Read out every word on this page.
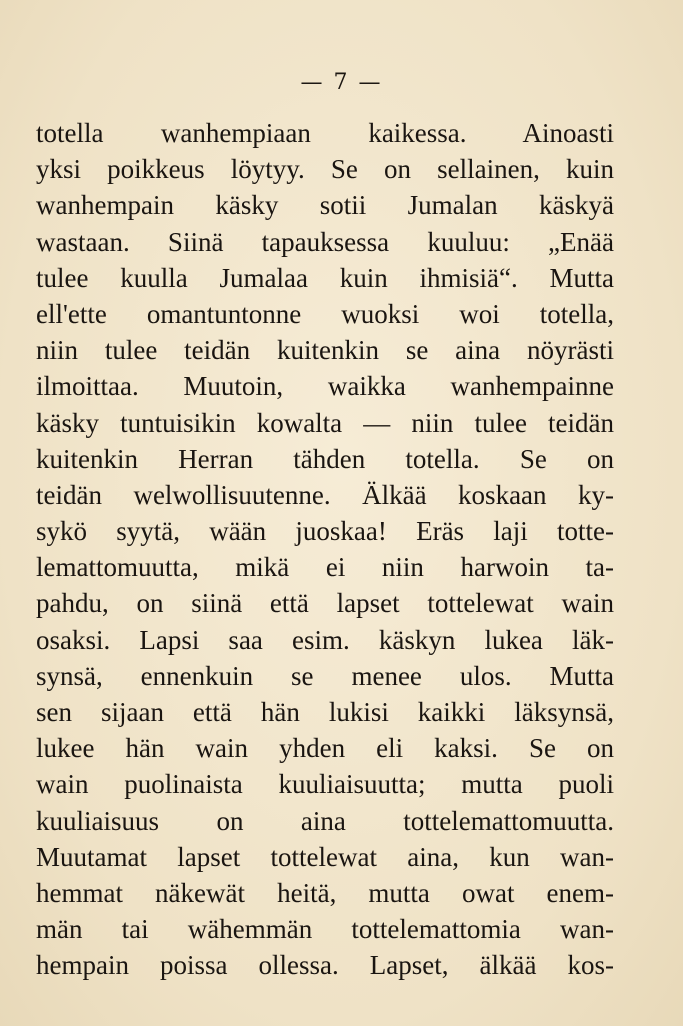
— 7 —
totella wanhempiaan kaikessa. Ainoasti
yksi poikkeus löytyy. Se on sellainen, kuin
wanhempain käsky sotii Jumalan käskyä
wastaan. Siinä tapauksessa kuuluu: „Enää
tulee kuulla Jumalaa kuin ihmisiä“. Mutta
ell'ette omantuntonne wuoksi woi totella,
niin tulee teidän kuitenkin se aina nöyrästi
ilmoittaa. Muutoin, waikka wanhempainne
käsky tuntuisikin kowalta — niin tulee teidän
kuitenkin Herran tähden totella. Se on
teidän welwollisuutenne. Älkää koskaan ky-
sykö syytä, wään juoskaa! Eräs laji totte-
lemattomuutta, mikä ei niin harwoin ta-
pahdu, on siinä että lapset tottelewat wain
osaksi. Lapsi saa esim. käskyn lukea läk-
synsä, ennenkuin se menee ulos. Mutta
sen sijaan että hän lukisi kaikki läksynsä,
lukee hän wain yhden eli kaksi. Se on
wain puolinaista kuuliaisuutta; mutta puoli
kuuliaisuus on aina tottelemattomuutta.
Muutamat lapset tottelewat aina, kun wan-
hemmat näkewät heitä, mutta owat enem-
män tai wähemmän tottelemattomia wan-
hempain poissa ollessa. Lapset, älkää kos-
